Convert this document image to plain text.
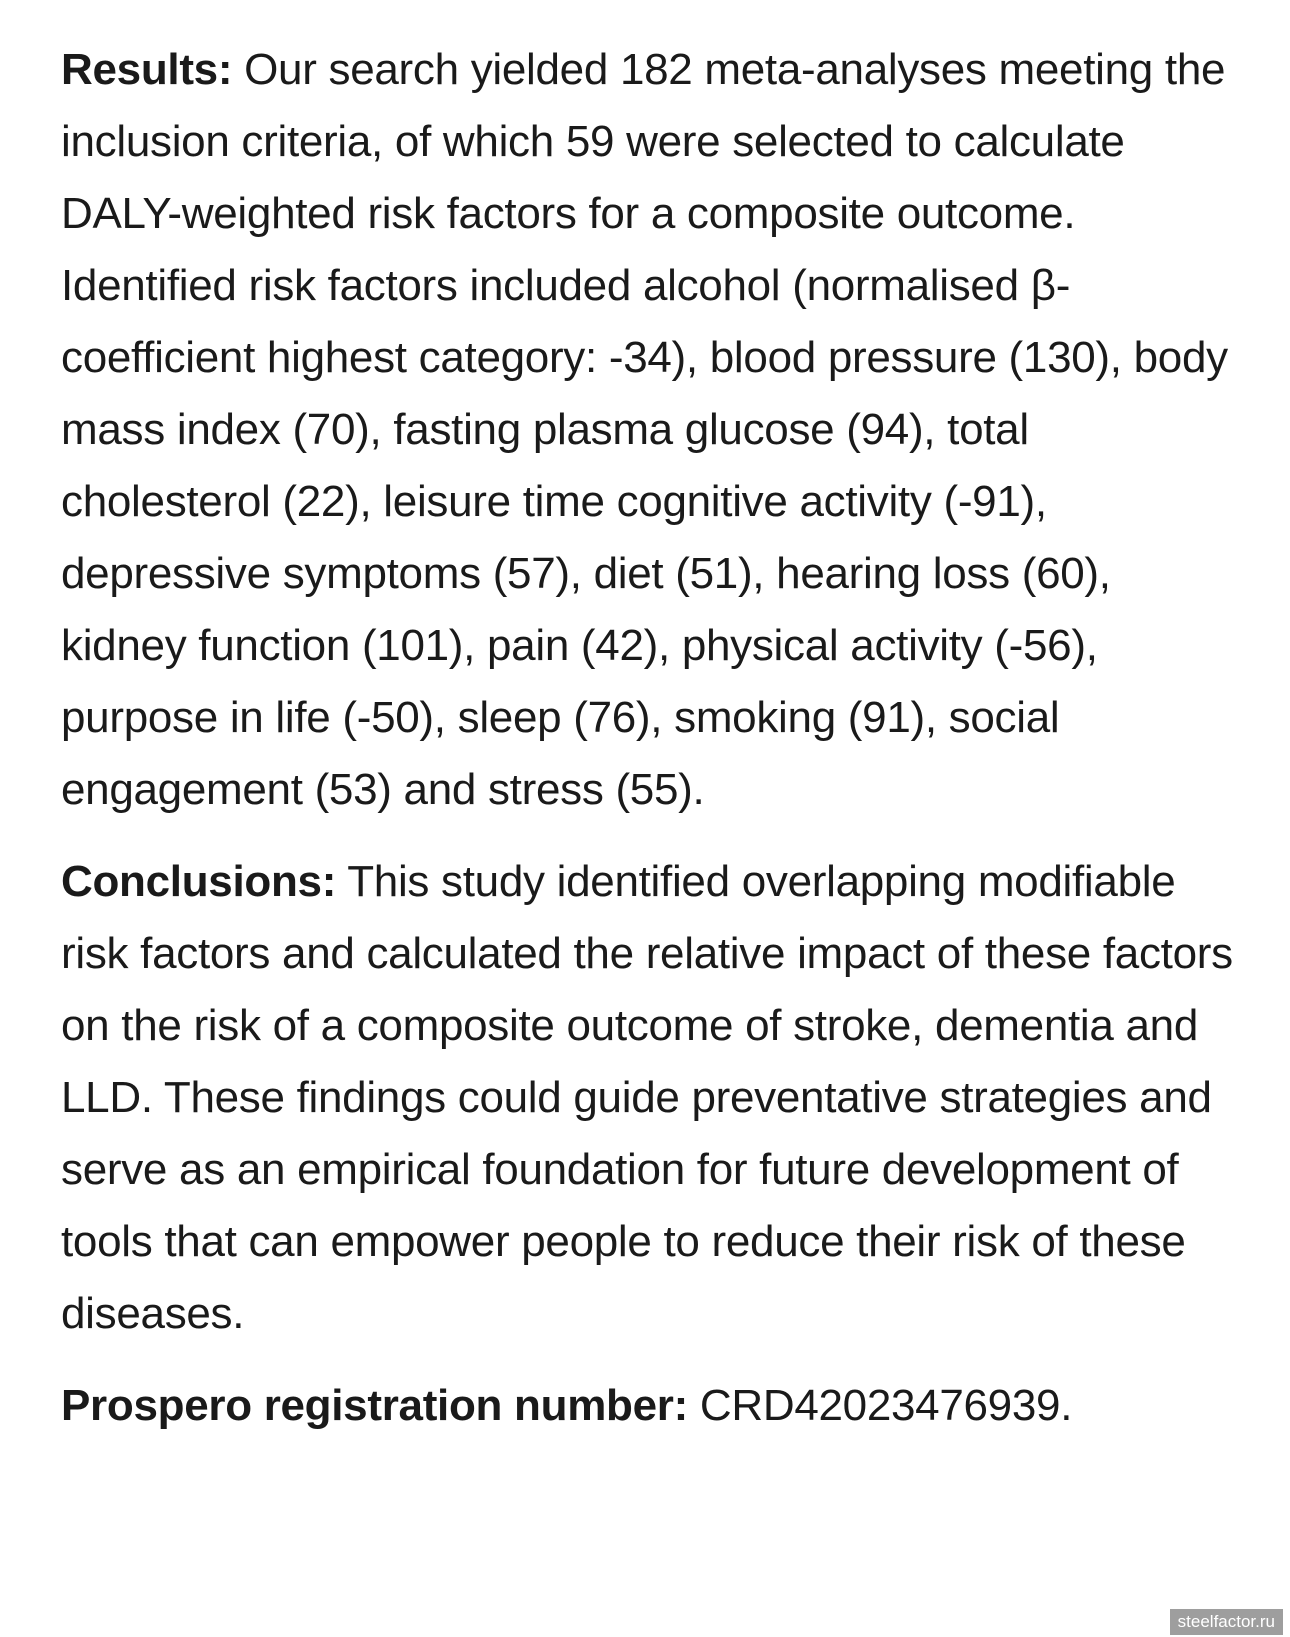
Results: Our search yielded 182 meta-analyses meeting the inclusion criteria, of which 59 were selected to calculate DALY-weighted risk factors for a composite outcome. Identified risk factors included alcohol (normalised β-coefficient highest category: -34), blood pressure (130), body mass index (70), fasting plasma glucose (94), total cholesterol (22), leisure time cognitive activity (-91), depressive symptoms (57), diet (51), hearing loss (60), kidney function (101), pain (42), physical activity (-56), purpose in life (-50), sleep (76), smoking (91), social engagement (53) and stress (55).

Conclusions: This study identified overlapping modifiable risk factors and calculated the relative impact of these factors on the risk of a composite outcome of stroke, dementia and LLD. These findings could guide preventative strategies and serve as an empirical foundation for future development of tools that can empower people to reduce their risk of these diseases.

Prospero registration number: CRD42023476939.

steelfactor.ru
